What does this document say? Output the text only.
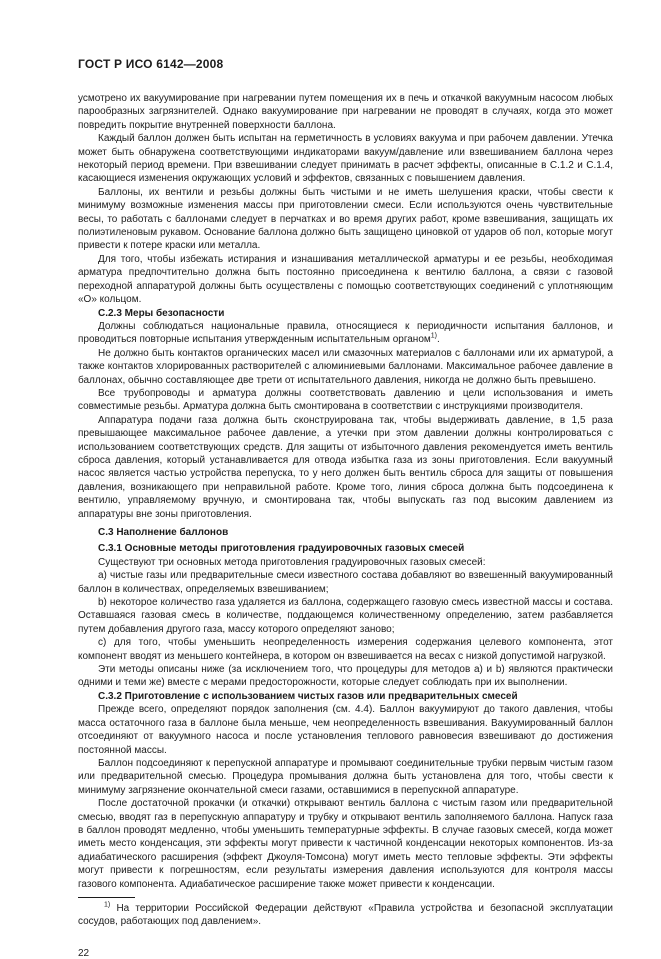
ГОСТ Р ИСО 6142—2008

усмотрено их вакуумирование при нагревании путем помещения их в печь и откачкой вакуумным насосом любых парообразных загрязнителей. Однако вакуумирование при нагревании не проводят в случаях, когда это может повредить покрытие внутренней поверхности баллона.

Каждый баллон должен быть испытан на герметичность в условиях вакуума и при рабочем давлении. Утечка может быть обнаружена соответствующими индикаторами вакуум/давление или взвешиванием баллона через некоторый период времени. При взвешивании следует принимать в расчет эффекты, описанные в С.1.2 и С.1.4, касающиеся изменения окружающих условий и эффектов, связанных с повышением давления.

Баллоны, их вентили и резьбы должны быть чистыми и не иметь шелушения краски, чтобы свести к минимуму возможные изменения массы при приготовлении смеси. Если используются очень чувствительные весы, то работать с баллонами следует в перчатках и во время других работ, кроме взвешивания, защищать их полиэтиленовым рукавом. Основание баллона должно быть защищено циновкой от ударов об пол, которые могут привести к потере краски или металла.

Для того, чтобы избежать истирания и изнашивания металлической арматуры и ее резьбы, необходимая арматура предпочтительно должна быть постоянно присоединена к вентилю баллона, а связи с газовой переходной аппаратурой должны быть осуществлены с помощью соответствующих соединений с уплотняющим «О» кольцом.

С.2.3 Меры безопасности

Должны соблюдаться национальные правила, относящиеся к периодичности испытания баллонов, и проводиться повторные испытания утвержденным испытательным органом$^{1)}$.

Не должно быть контактов органических масел или смазочных материалов с баллонами или их арматурой, а также контактов хлорированных растворителей с алюминиевыми баллонами. Максимальное рабочее давление в баллонах, обычно составляющее две трети от испытательного давления, никогда не должно быть превышено.

Все трубопроводы и арматура должны соответствовать давлению и цели использования и иметь совместимые резьбы. Арматура должна быть смонтирована в соответствии с инструкциями производителя.

Аппаратура подачи газа должна быть сконструирована так, чтобы выдерживать давление, в 1,5 раза превышающее максимальное рабочее давление, а утечки при этом давлении должны контролироваться с использованием соответствующих средств. Для защиты от избыточного давления рекомендуется иметь вентиль сброса давления, который устанавливается для отвода избытка газа из зоны приготовления. Если вакуумный насос является частью устройства перепуска, то у него должен быть вентиль сброса для защиты от повышения давления, возникающего при неправильной работе. Кроме того, линия сброса должна быть подсоединена к вентилю, управляемому вручную, и смонтирована так, чтобы выпускать газ под высоким давлением из аппаратуры вне зоны приготовления.

С.3 Наполнение баллонов

С.3.1 Основные методы приготовления градуировочных газовых смесей

Существуют три основных метода приготовления градуировочных газовых смесей:

a) чистые газы или предварительные смеси известного состава добавляют во взвешенный вакуумированный баллон в количествах, определяемых взвешиванием;

b) некоторое количество газа удаляется из баллона, содержащего газовую смесь известной массы и состава. Оставшаяся газовая смесь в количестве, поддающемся количественному определению, затем разбавляется путем добавления другого газа, массу которого определяют заново;

c) для того, чтобы уменьшить неопределенность измерения содержания целевого компонента, этот компонент вводят из меньшего контейнера, в котором он взвешивается на весах с низкой допустимой нагрузкой.

Эти методы описаны ниже (за исключением того, что процедуры для методов a) и b) являются практически одними и теми же) вместе с мерами предосторожности, которые следует соблюдать при их выполнении.

С.3.2 Приготовление с использованием чистых газов или предварительных смесей

Прежде всего, определяют порядок заполнения (см. 4.4). Баллон вакуумируют до такого давления, чтобы масса остаточного газа в баллоне была меньше, чем неопределенность взвешивания. Вакуумированный баллон отсоединяют от вакуумного насоса и после установления теплового равновесия взвешивают до достижения постоянной массы.

Баллон подсоединяют к перепускной аппаратуре и промывают соединительные трубки первым чистым газом или предварительной смесью. Процедура промывания должна быть установлена для того, чтобы свести к минимуму загрязнение окончательной смеси газами, оставшимися в перепускной аппаратуре.

После достаточной прокачки (и откачки) открывают вентиль баллона с чистым газом или предварительной смесью, вводят газ в перепускную аппаратуру и трубку и открывают вентиль заполняемого баллона. Напуск газа в баллон проводят медленно, чтобы уменьшить температурные эффекты. В случае газовых смесей, когда может иметь место конденсация, эти эффекты могут привести к частичной конденсации некоторых компонентов. Из-за адиабатического расширения (эффект Джоуля-Томсона) могут иметь место тепловые эффекты. Эти эффекты могут привести к погрешностям, если результаты измерения давления используются для контроля массы газового компонента. Адиабатическое расширение также может привести к конденсации.

$^{1)}$ На территории Российской Федерации действуют «Правила устройства и безопасной эксплуатации сосудов, работающих под давлением».

22
